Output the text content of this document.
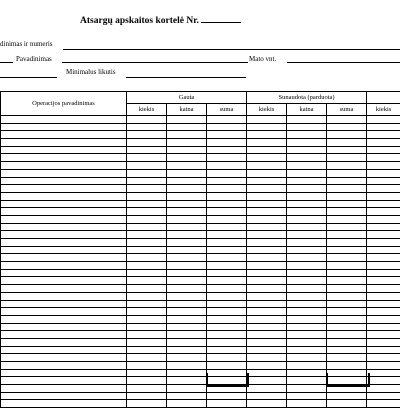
Atsargų apskaitos kortelė Nr.
dinimas ir numeris
Pavadinimas	Mato vnt.
Minimalus likutis
Operacijos pavadinimas	Gauta			Sunaudota (parduota)			
	kiekis	kaina	suma	kiekis	kaina	suma	kiekis
